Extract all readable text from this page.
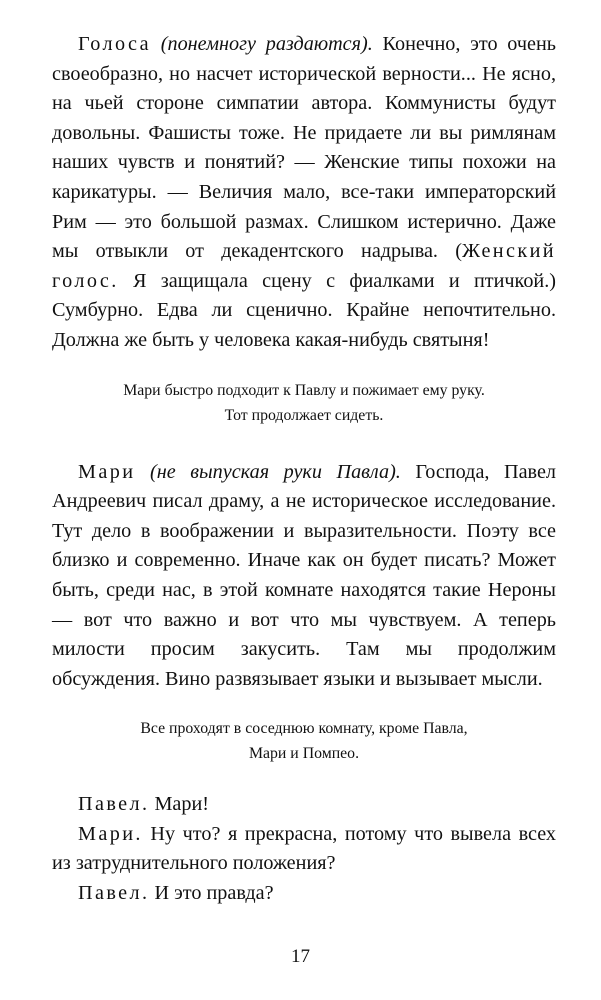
Голоса (понемногу раздаются). Конечно, это очень своеобразно, но насчет исторической верности... Не ясно, на чьей стороне симпатии автора. Коммунисты будут довольны. Фашисты тоже. Не придаете ли вы римлянам наших чувств и понятий? — Женские типы похожи на карикатуры. — Величия мало, все-таки императорский Рим — это большой размах. Слишком истерично. Даже мы отвыкли от декадентского надрыва. (Женский голос. Я защищала сцену с фиалками и птичкой.) Сумбурно. Едва ли сценично. Крайне непочтительно. Должна же быть у человека какая-нибудь святыня!

Мари быстро подходит к Павлу и пожимает ему руку.

Тот продолжает сидеть.

Мари (не выпуская руки Павла). Господа, Павел Андреевич писал драму, а не историческое исследование. Тут дело в воображении и выразительности. Поэту все близко и современно. Иначе как он будет писать? Может быть, среди нас, в этой комнате находятся такие Нероны — вот что важно и вот что мы чувствуем. А теперь милости просим закусить. Там мы продолжим обсуждения. Вино развязывает языки и вызывает мысли.

Все проходят в соседнюю комнату, кроме Павла,

Мари и Помпео.

Павел. Мари!

Мари. Ну что? я прекрасна, потому что вывела всех из затруднительного положения?

Павел. И это правда?

17
